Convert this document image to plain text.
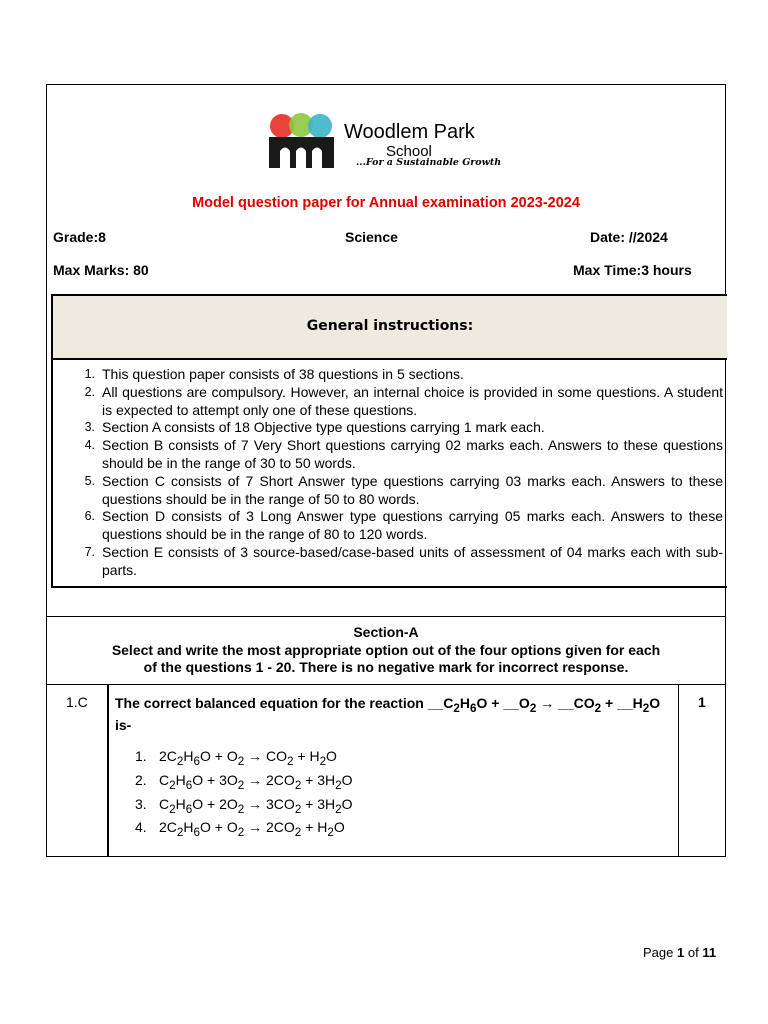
Woodlem Park
School
...For a Sustainable Growth
Model question paper for Annual examination 2023-2024
Grade:8	Science	Date: //2024
Max Marks: 80	Max Time:3 hours
General instructions:
1. This question paper consists of 38 questions in 5 sections.
2. All questions are compulsory. However, an internal choice is provided in some questions. A student is expected to attempt only one of these questions.
3. Section A consists of 18 Objective type questions carrying 1 mark each.
4. Section B consists of 7 Very Short questions carrying 02 marks each. Answers to these questions should be in the range of 30 to 50 words.
5. Section C consists of 7 Short Answer type questions carrying 03 marks each. Answers to these questions should be in the range of 50 to 80 words.
6. Section D consists of 3 Long Answer type questions carrying 05 marks each. Answers to these questions should be in the range of 80 to 120 words.
7. Section E consists of 3 source-based/case-based units of assessment of 04 marks each with sub-parts.
Section-A
Select and write the most appropriate option out of the four options given for each
of the questions 1 - 20. There is no negative mark for incorrect response.
1.C The correct balanced equation for the reaction $\_\_C_2H_6O$ + $\_\_O_2$ → $\_\_CO_2$ + $\_\_H_2O$ is-
1. $2C_2H_6O + O_2 \to CO_2 + H_2O$
2. $C_2H_6O + 3O_2 \to 2CO_2 + 3H_2O$
3. $C_2H_6O + 2O_2 \to 3CO_2 + 3H_2O$
4. $2C_2H_6O + O_2 \to 2CO_2 + H_2O$
1
Page 1 of 11
